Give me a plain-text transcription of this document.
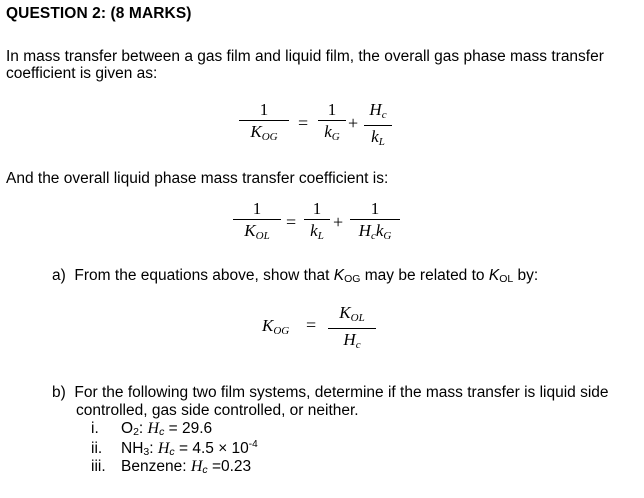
QUESTION 2: (8 MARKS)
In mass transfer between a gas film and liquid film, the overall gas phase mass transfer coefficient is given as:
1
$K_{OG}$
=
1
$k_G$
+
$H_c$
$k_L$
And the overall liquid phase mass transfer coefficient is:
1
$K_{OL}$
=
1
$k_L$
+
1
$H_ck_G$
a) From the equations above, show that KOG may be related to KOL by:
$K_{OG}$ =
$K_{OL}$
$H_c$
b) For the following two film systems, determine if the mass transfer is liquid side
controlled, gas side controlled, or neither.
i. O2: Hc = 29.6
ii. NH3: $Hc = 4.5 \times 10^{-4}$
iii. Benzene: Hc =0.23
